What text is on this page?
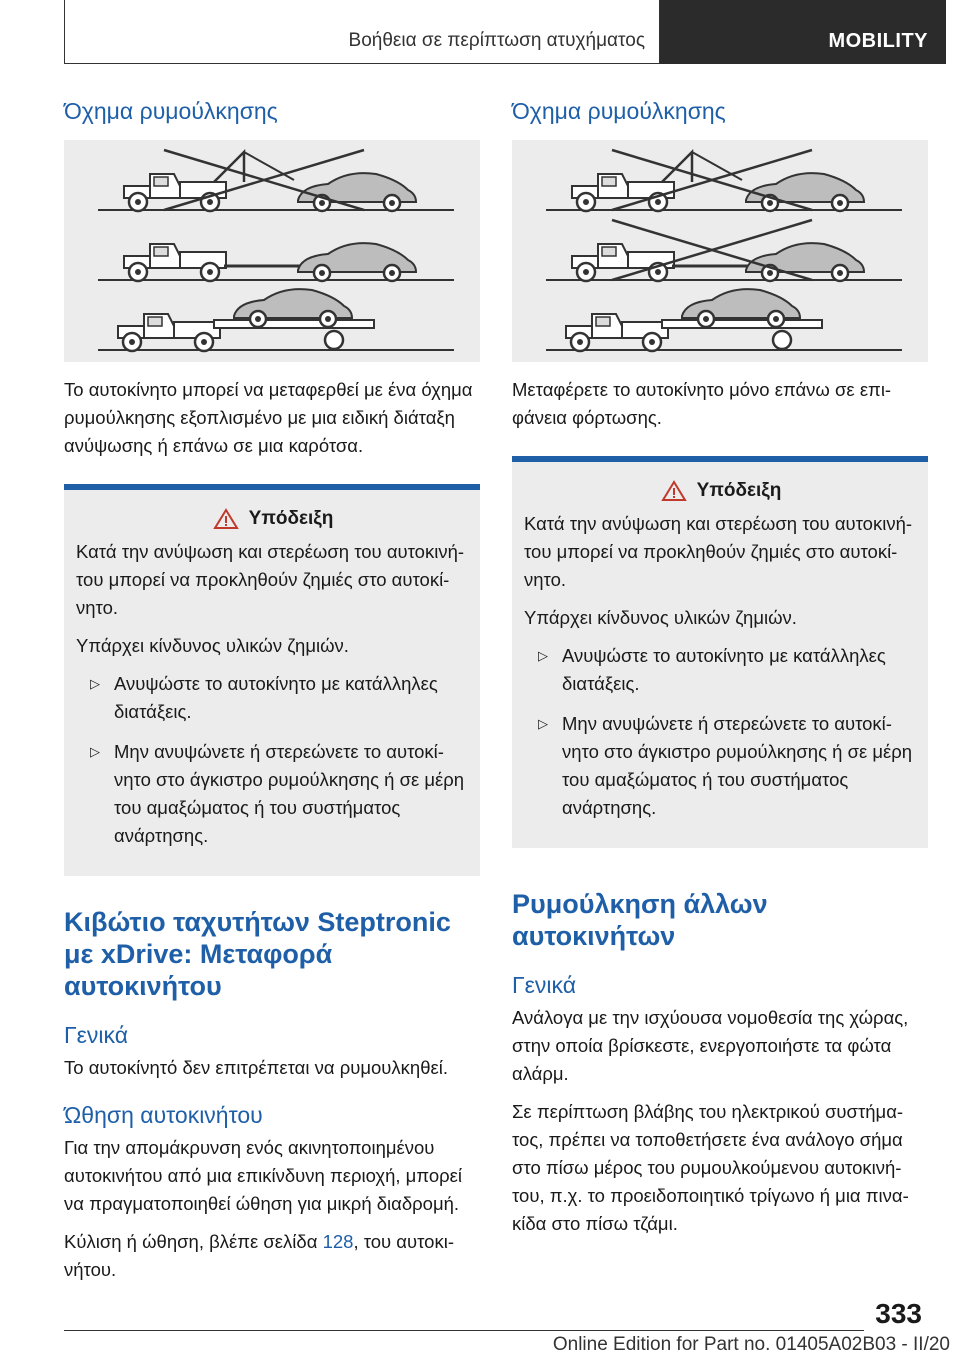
Βοήθεια σε περίπτωση ατυχήματος	MOBILITY
Όχημα ρυμούλκησης

Το αυτοκίνητο μπορεί να μεταφερθεί με ένα όχημα ρυμούλκησης εξοπλισμένο με μια ειδική διάταξη ανύψωσης ή επάνω σε μια καρότσα.

Υπόδειξη

Κατά την ανύψωση και στερέωση του αυτοκινή- του μπορεί να προκληθούν ζημιές στο αυτοκί- νητο.

Υπάρχει κίνδυνος υλικών ζημιών.

▷ Ανυψώστε το αυτοκίνητο με κατάλληλες διατάξεις.
▷ Μην ανυψώνετε ή στερεώνετε το αυτοκί- νητο στο άγκιστρο ρυμούλκησης ή σε μέρη του αμαξώματος ή του συστήματος ανάρτησης.
Κιβώτιο ταχυτήτων Steptronic με xDrive: Μεταφορά αυτοκινήτου
Γενικά

Το αυτοκίνητό δεν επιτρέπεται να ρυμουλκηθεί.

Ώθηση αυτοκινήτου

Για την απομάκρυνση ενός ακινητοποιημένου αυτοκινήτου από μια επικίνδυνη περιοχή, μπορεί να πραγματοποιηθεί ώθηση για μικρή διαδρομή.

Κύλιση ή ώθηση, βλέπε σελίδα 128, του αυτοκι- νήτου.

Όχημα ρυμούλκησης

Μεταφέρετε το αυτοκίνητο μόνο επάνω σε επι- φάνεια φόρτωσης.

Υπόδειξη

Κατά την ανύψωση και στερέωση του αυτοκινή- του μπορεί να προκληθούν ζημιές στο αυτοκί- νητο.

Υπάρχει κίνδυνος υλικών ζημιών.

▷ Ανυψώστε το αυτοκίνητο με κατάλληλες διατάξεις.
▷ Μην ανυψώνετε ή στερεώνετε το αυτοκί- νητο στο άγκιστρο ρυμούλκησης ή σε μέρη του αμαξώματος ή του συστήματος ανάρτησης.
Ρυμούλκηση άλλων αυτοκινήτων
Γενικά

Ανάλογα με την ισχύουσα νομοθεσία της χώρας, στην οποία βρίσκεστε, ενεργοποιήστε τα φώτα αλάρμ.

Σε περίπτωση βλάβης του ηλεκτρικού συστήμα- τος, πρέπει να τοποθετήσετε ένα ανάλογο σήμα στο πίσω μέρος του ρυμουλκούμενου αυτοκινή- του, π.χ. το προειδοποιητικό τρίγωνο ή μια πινα- κίδα στο πίσω τζάμι.

333
Online Edition for Part no. 01405A02B03 - II/20
